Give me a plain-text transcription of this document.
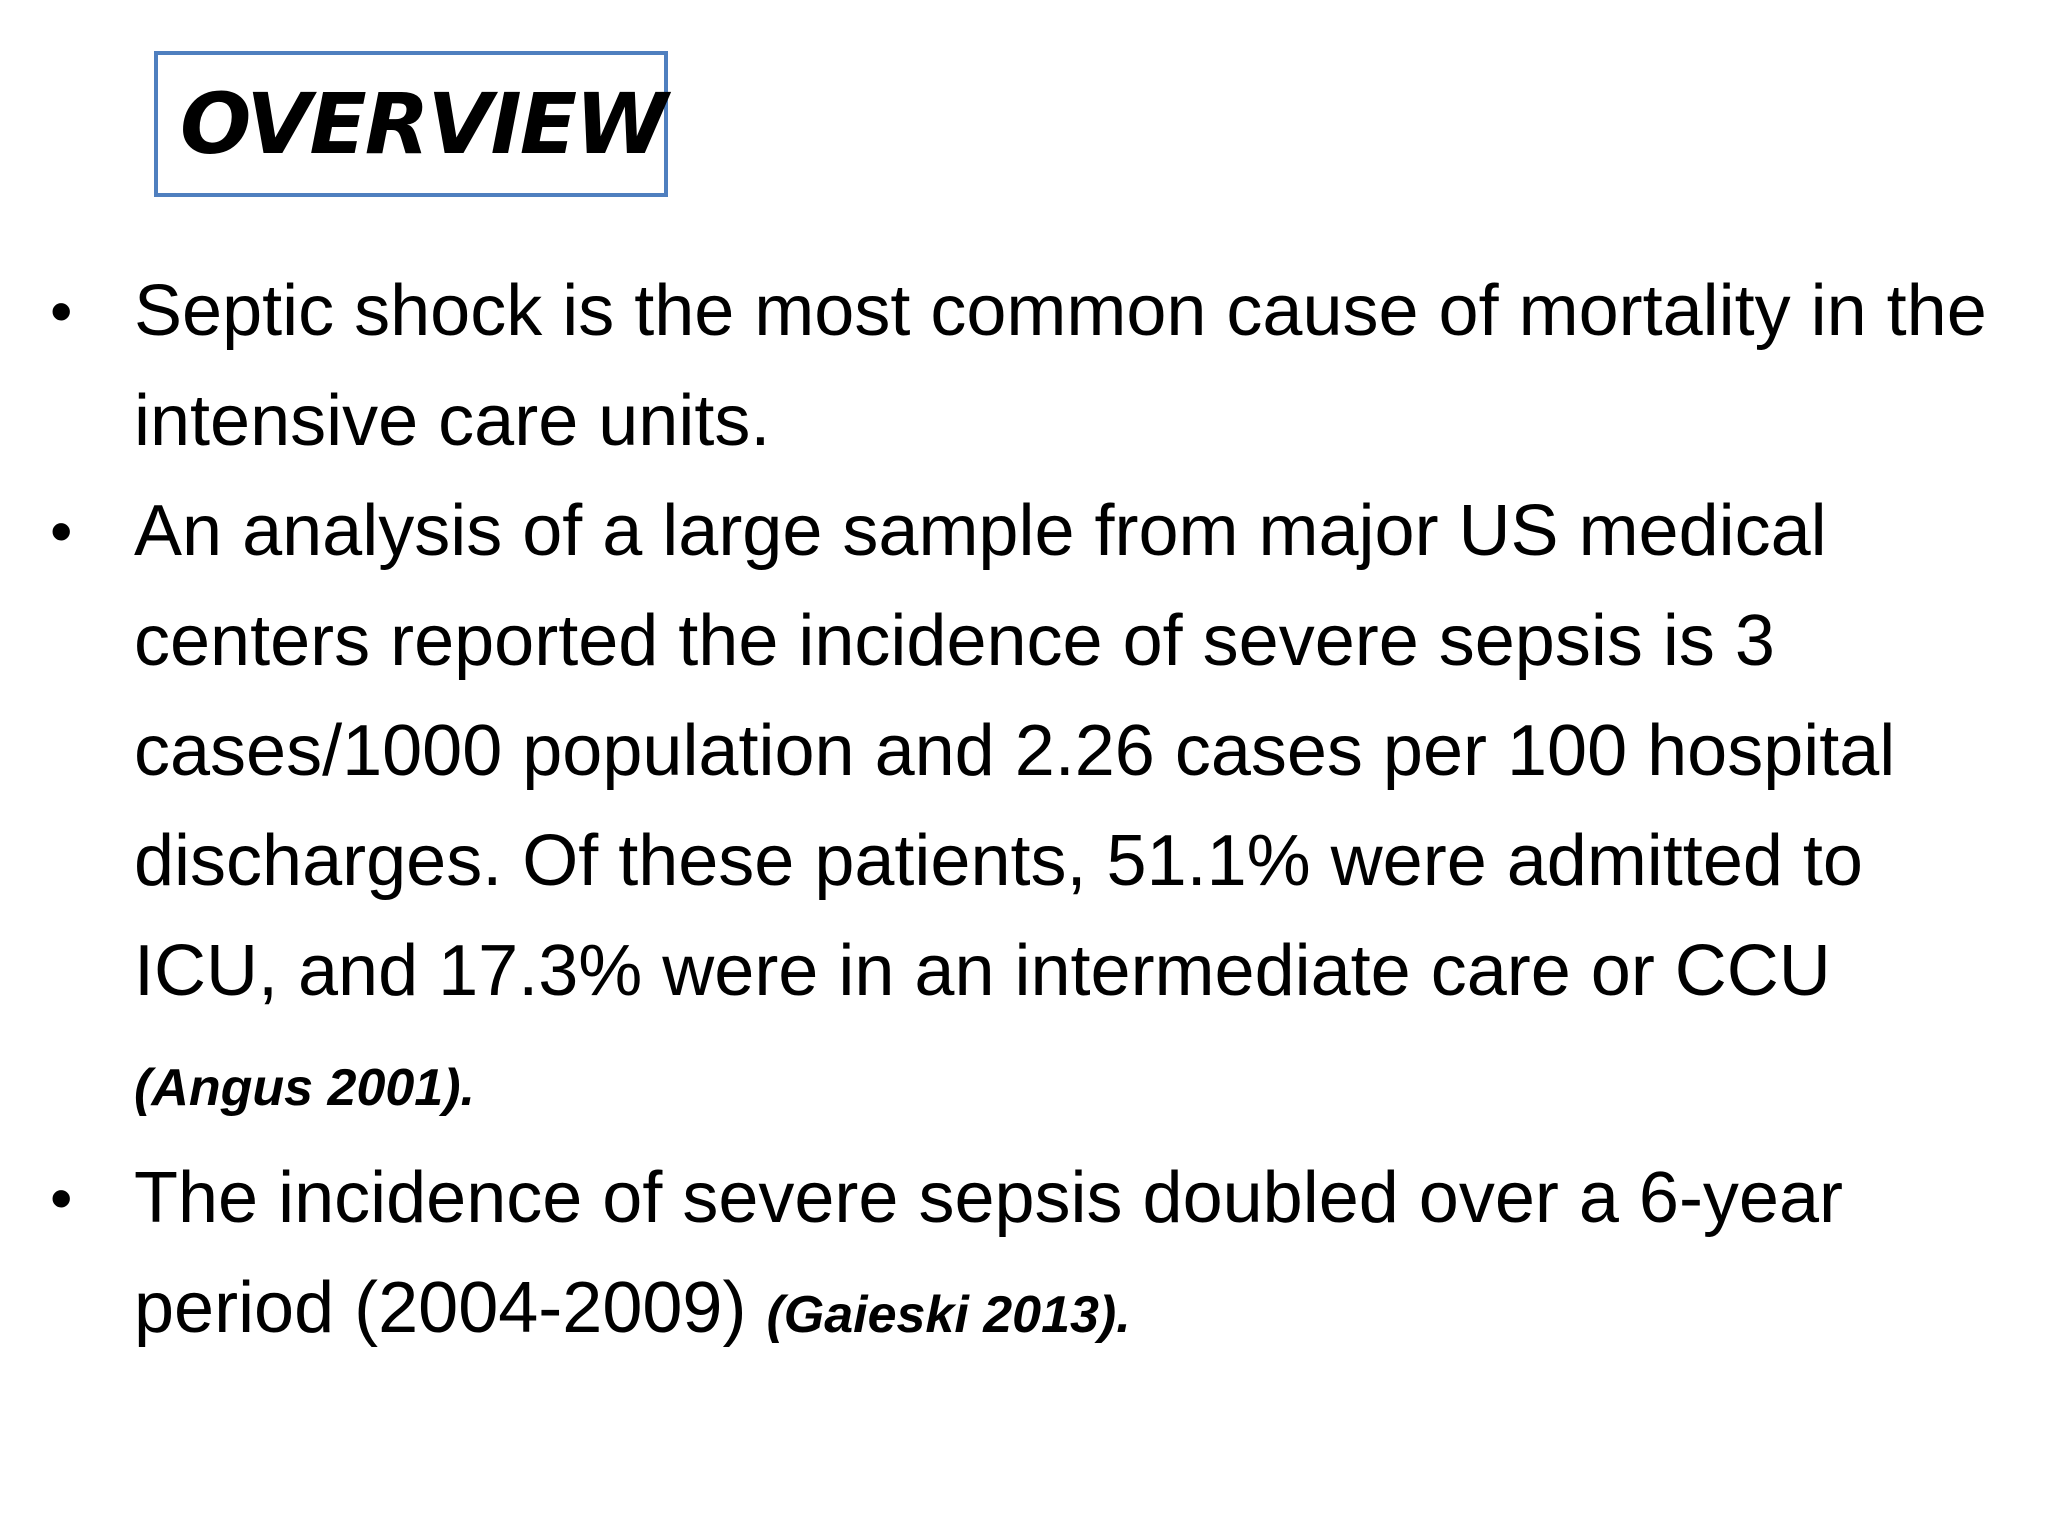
OVERVIEW
• Septic shock is the most common cause of mortality in the intensive care units.
• An analysis of a large sample from major US medical centers reported the incidence of severe sepsis is 3 cases/1000 population and 2.26 cases per 100 hospital discharges. Of these patients, 51.1% were admitted to ICU, and 17.3% were in an intermediate care or CCU (Angus 2001).
• The incidence of severe sepsis doubled over a 6-year period (2004-2009) (Gaieski 2013).
